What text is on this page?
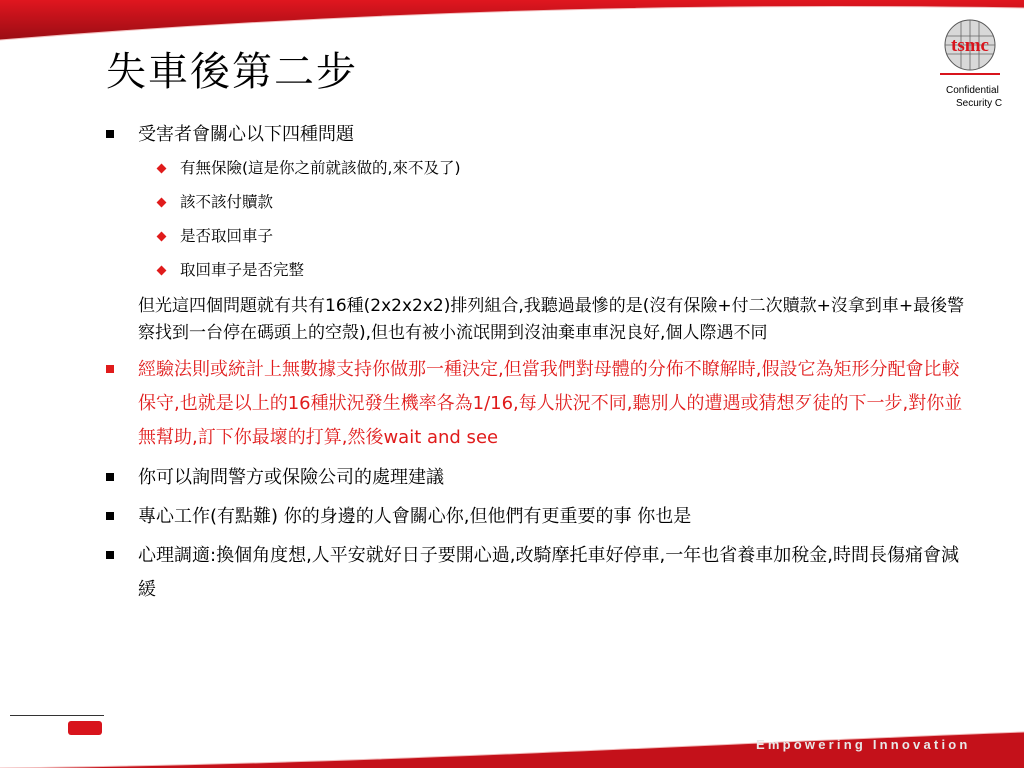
失車後第二步
tsmc
Confidential
Security C
受害者會關心以下四種問題
有無保險(這是你之前就該做的,來不及了)
該不該付贖款
是否取回車子
取回車子是否完整
但光這四個問題就有共有16種(2x2x2x2)排列組合,我聽過最慘的是(沒有保險+付二次贖款+沒拿到車+最後警察找到一台停在碼頭上的空殼),但也有被小流氓開到沒油棄車車況良好,個人際遇不同
經驗法則或統計上無數據支持你做那一種決定,但當我們對母體的分佈不瞭解時,假設它為矩形分配會比較保守,也就是以上的16種狀況發生機率各為1/16,每人狀況不同,聽別人的遭遇或猜想歹徒的下一步,對你並無幫助,訂下你最壞的打算,然後wait and see
你可以詢問警方或保險公司的處理建議
專心工作(有點難) 你的身邊的人會關心你,但他們有更重要的事 你也是
心理調適:換個角度想,人平安就好日子要開心過,改騎摩托車好停車,一年也省養車加稅金,時間長傷痛會減緩
Empowering Innovation
